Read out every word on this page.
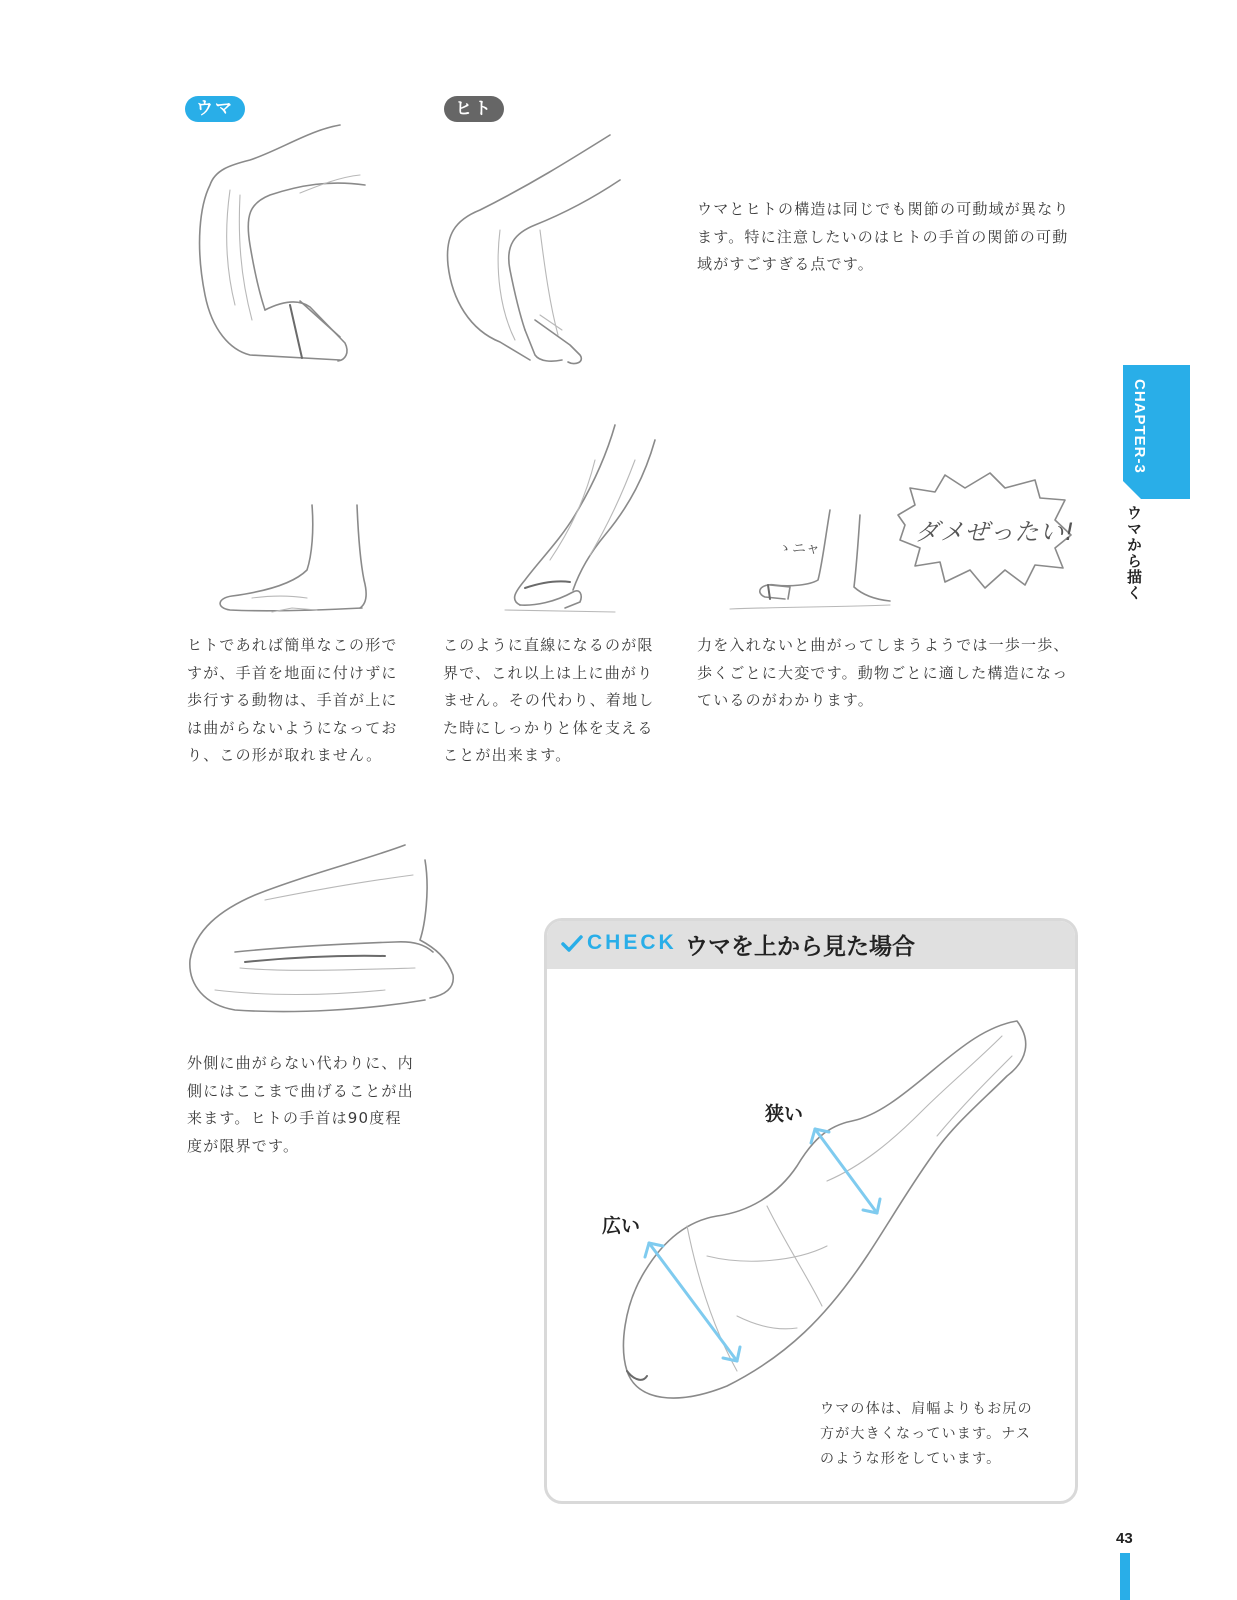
ウマ	ヒト

ウマとヒトの構造は同じでも関節の可動域が異なり
ます。特に注意したいのはヒトの手首の関節の可動
域がすごすぎる点です。

CHAPTER-3
ウマから描く
ゝニャ
ダメぜったい!

ヒトであれば簡単なこの形で
すが、手首を地面に付けずに
歩行する動物は、手首が上に
は曲がらないようになってお
り、この形が取れません。

このように直線になるのが限
界で、これ以上は上に曲がり
ません。その代わり、着地し
た時にしっかりと体を支える
ことが出来ます。

力を入れないと曲がってしまうようでは一歩一歩、
歩くごとに大変です。動物ごとに適した構造になっ
ているのがわかります。

外側に曲がらない代わりに、内
側にはここまで曲げることが出
来ます。ヒトの手首は90度程
度が限界です。

CHECK ウマを上から見た場合
狭い
広い

ウマの体は、肩幅よりもお尻の
方が大きくなっています。ナス
のような形をしています。

43
